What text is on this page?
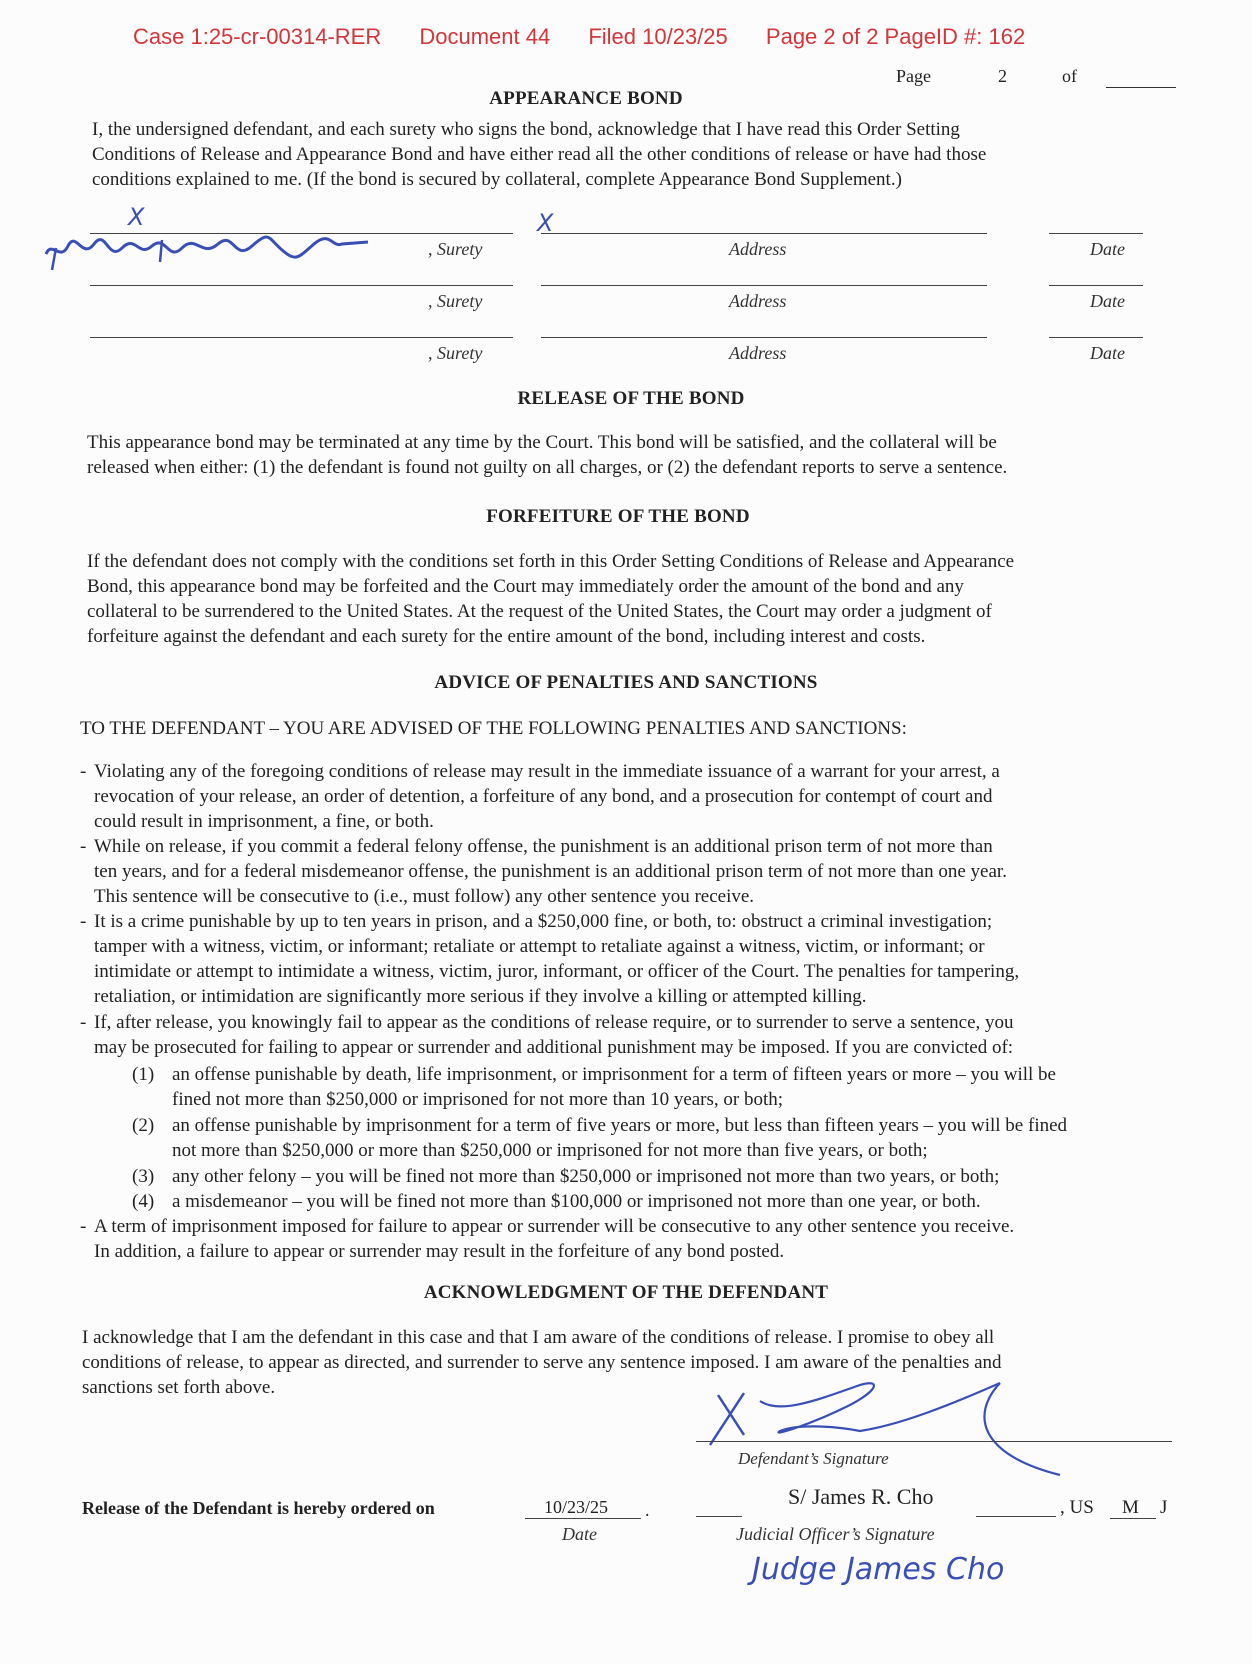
Case 1:25-cr-00314-RER Document 44 Filed 10/23/25 Page 2 of 2 PageID #: 162
Page	2	of
APPEARANCE BOND
I, the undersigned defendant, and each surety who signs the bond, acknowledge that I have read this Order Setting
Conditions of Release and Appearance Bond and have either read all the other conditions of release or have had those
conditions explained to me. (If the bond is secured by collateral, complete Appearance Bond Supplement.)
X	X
, Surety	Address	Date
, Surety	Address	Date
, Surety	Address	Date
RELEASE OF THE BOND
This appearance bond may be terminated at any time by the Court. This bond will be satisfied, and the collateral will be
released when either: (1) the defendant is found not guilty on all charges, or (2) the defendant reports to serve a sentence.
FORFEITURE OF THE BOND
If the defendant does not comply with the conditions set forth in this Order Setting Conditions of Release and Appearance
Bond, this appearance bond may be forfeited and the Court may immediately order the amount of the bond and any
collateral to be surrendered to the United States. At the request of the United States, the Court may order a judgment of
forfeiture against the defendant and each surety for the entire amount of the bond, including interest and costs.
ADVICE OF PENALTIES AND SANCTIONS
TO THE DEFENDANT – YOU ARE ADVISED OF THE FOLLOWING PENALTIES AND SANCTIONS:
- Violating any of the foregoing conditions of release may result in the immediate issuance of a warrant for your arrest, a
revocation of your release, an order of detention, a forfeiture of any bond, and a prosecution for contempt of court and
could result in imprisonment, a fine, or both.
- While on release, if you commit a federal felony offense, the punishment is an additional prison term of not more than
ten years, and for a federal misdemeanor offense, the punishment is an additional prison term of not more than one year.
This sentence will be consecutive to (i.e., must follow) any other sentence you receive.
- It is a crime punishable by up to ten years in prison, and a $250,000 fine, or both, to: obstruct a criminal investigation;
tamper with a witness, victim, or informant; retaliate or attempt to retaliate against a witness, victim, or informant; or
intimidate or attempt to intimidate a witness, victim, juror, informant, or officer of the Court. The penalties for tampering,
retaliation, or intimidation are significantly more serious if they involve a killing or attempted killing.
- If, after release, you knowingly fail to appear as the conditions of release require, or to surrender to serve a sentence, you
may be prosecuted for failing to appear or surrender and additional punishment may be imposed. If you are convicted of:
(1) an offense punishable by death, life imprisonment, or imprisonment for a term of fifteen years or more – you will be
fined not more than $250,000 or imprisoned for not more than 10 years, or both;
(2) an offense punishable by imprisonment for a term of five years or more, but less than fifteen years – you will be fined
not more than $250,000 or more than $250,000 or imprisoned for not more than five years, or both;
(3) any other felony – you will be fined not more than $250,000 or imprisoned not more than two years, or both;
(4) a misdemeanor – you will be fined not more than $100,000 or imprisoned not more than one year, or both.
- A term of imprisonment imposed for failure to appear or surrender will be consecutive to any other sentence you receive.
In addition, a failure to appear or surrender may result in the forfeiture of any bond posted.
ACKNOWLEDGMENT OF THE DEFENDANT
I acknowledge that I am the defendant in this case and that I am aware of the conditions of release. I promise to obey all
conditions of release, to appear as directed, and surrender to serve any sentence imposed. I am aware of the penalties and
sanctions set forth above.
Defendant’s Signature
Release of the Defendant is hereby ordered on	10/23/25 .
Date
S/ James R. Cho	, US M J
Judicial Officer’s Signature
Judge James Cho
